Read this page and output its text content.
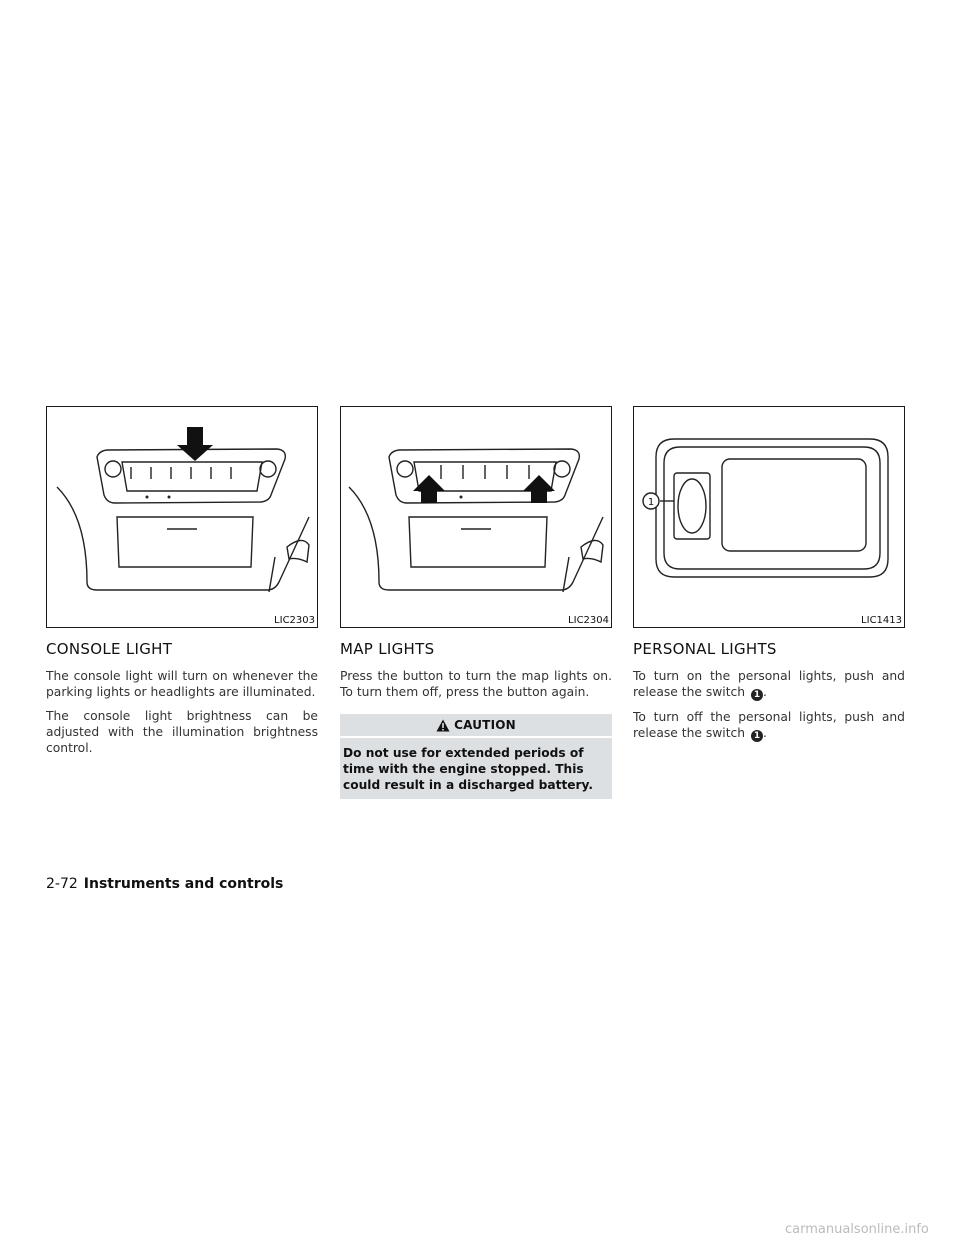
LIC2303
CONSOLE LIGHT

The console light will turn on whenever the parking lights or headlights are illuminated.

The console light brightness can be adjusted with the illumination brightness control.

LIC2304
MAP LIGHTS

Press the button to turn the map lights on. To turn them off, press the button again.

CAUTION
Do not use for extended periods of time with the engine stopped. This could result in a discharged battery.
1
LIC1413
PERSONAL LIGHTS

To turn on the personal lights, push and release the switch 1 .

To turn off the personal lights, push and release the switch 1 .

2-72 Instruments and controls
carmanualsonline.info
